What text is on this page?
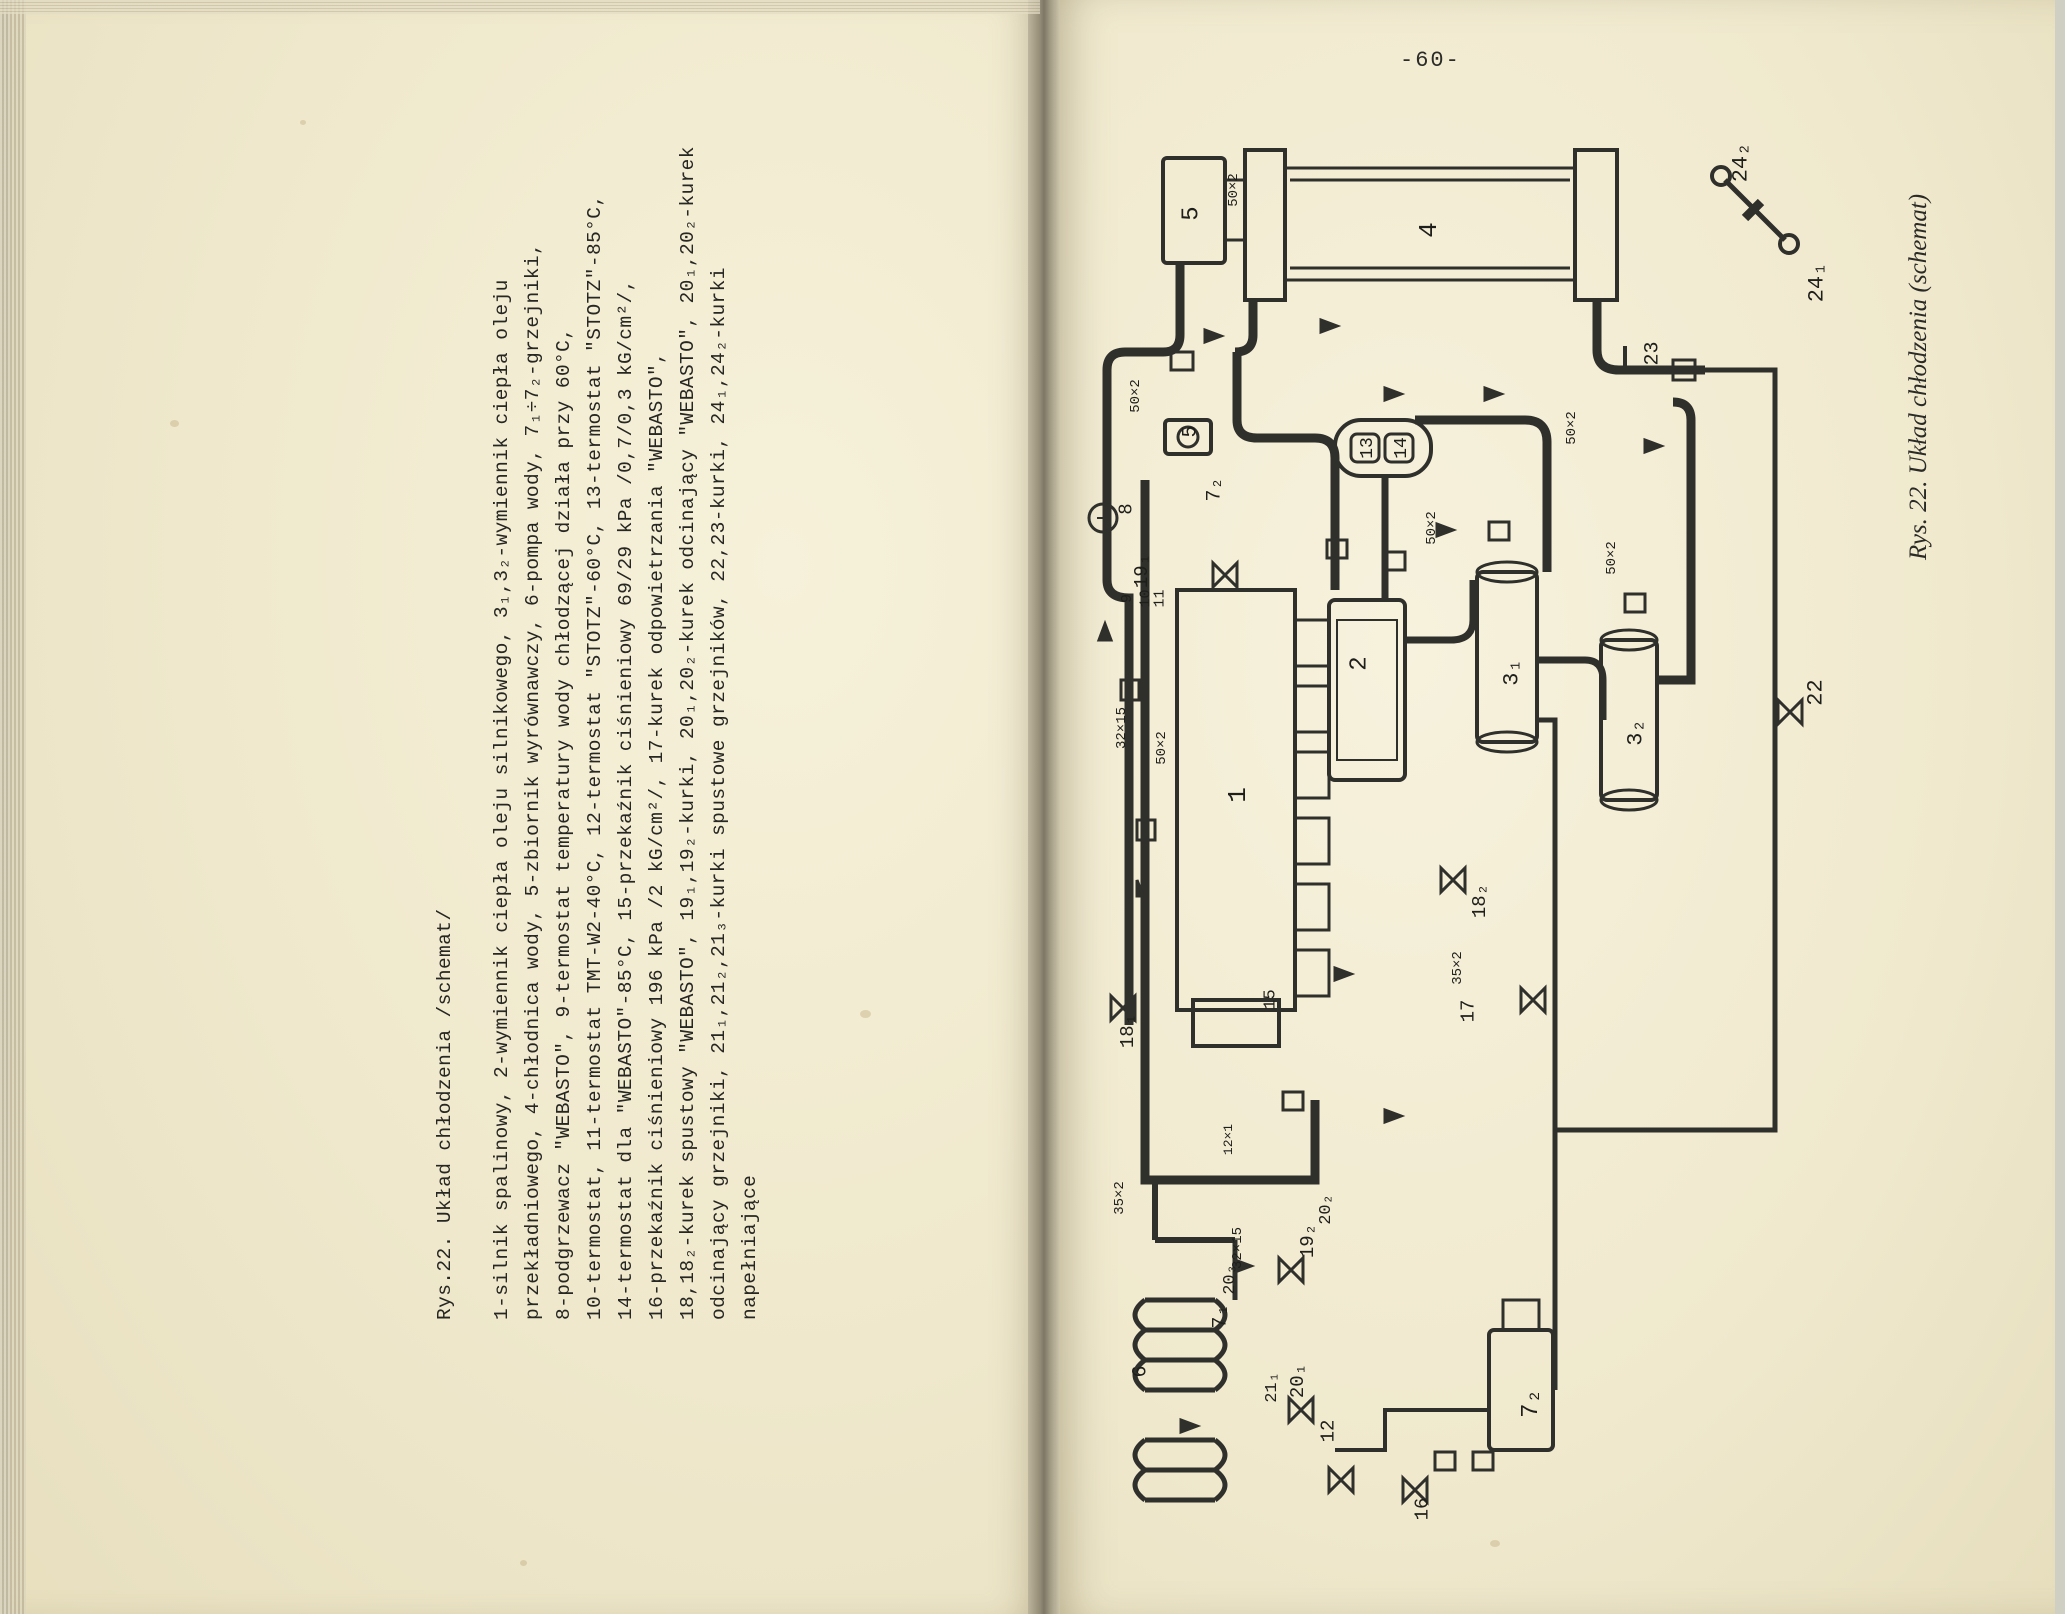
Rys.22. Układ chłodzenia /schemat/ 1-silnik spalinowy, 2-wymiennik ciepła oleju silnikowego, 3₁,3₂-wymiennik ciepła oleju przekładniowego, 4-chłodnica wody, 5-zbiornik wyrównawczy, 6-pompa wody, 7₁÷7₂-grzejniki, 8-podgrzewacz "WEBASTO", 9-termostat temperatury wody chłodzącej działa przy 60°C, 10-termostat, 11-termostat TMT-W2-40°C, 12-termostat "STOTZ"-60°C, 13-termostat "STOTZ"-85°C, 14-termostat dla "WEBASTO"-85°C, 15-przekaźnik ciśnieniowy 69/29 kPa /0,7/0,3 kG/cm²/, 16-przekaźnik ciśnieniowy 196 kPa /2 kG/cm²/, 17-kurek odpowietrzania "WEBASTO", 18,18₂-kurek spustowy "WEBASTO", 19₁,19₂-kurki, 20₁,20₂-kurek odcinający "WEBASTO", 20₁,20₂-kurek odcinający grzejniki, 21₁,21₂,21₃-kurki spustowe grzejników, 22,23-kurki, 24₁,24₂-kurki napełniające
-60-
Rys. 22. Układ chłodzenia (schemat)
4
5
1
2	3₁
3₂
5
6
7₁
7₂
7₂
8
9 10
11
12
13 14
15
16
17
18₁
18₂
19₁
19₂
20₁
20₂
20₃
21₁
22
23
24₁
24₂
50×2
50×2
50×2
50×2
50×2
50×2
32×15
32×15
35×2
35×2
12×1
